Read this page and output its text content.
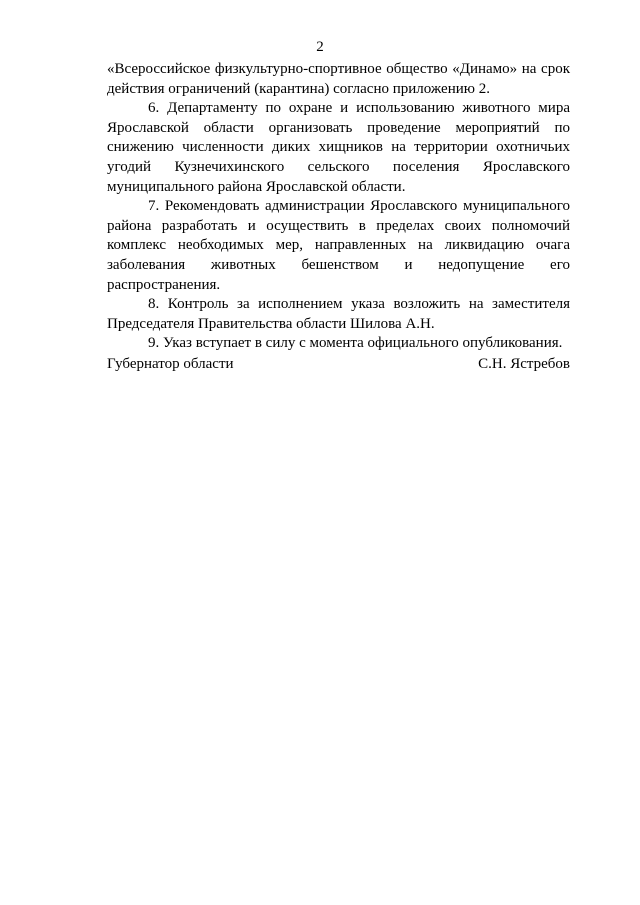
2

«Всероссийское физкультурно-спортивное общество «Динамо» на срок действия ограничений (карантина) согласно приложению 2.

6. Департаменту по охране и использованию животного мира Ярославской области организовать проведение мероприятий по снижению численности диких хищников на территории охотничьих угодий Кузнечихинского сельского поселения Ярославского муниципального района Ярославской области.

7. Рекомендовать администрации Ярославского муниципального района разработать и осуществить в пределах своих полномочий комплекс необходимых мер, направленных на ликвидацию очага заболевания животных бешенством и недопущение его распространения.

8. Контроль за исполнением указа возложить на заместителя Председателя Правительства области Шилова А.Н.

9. Указ вступает в силу с момента официального опубликования.

Губернатор области	С.Н. Ястребов
